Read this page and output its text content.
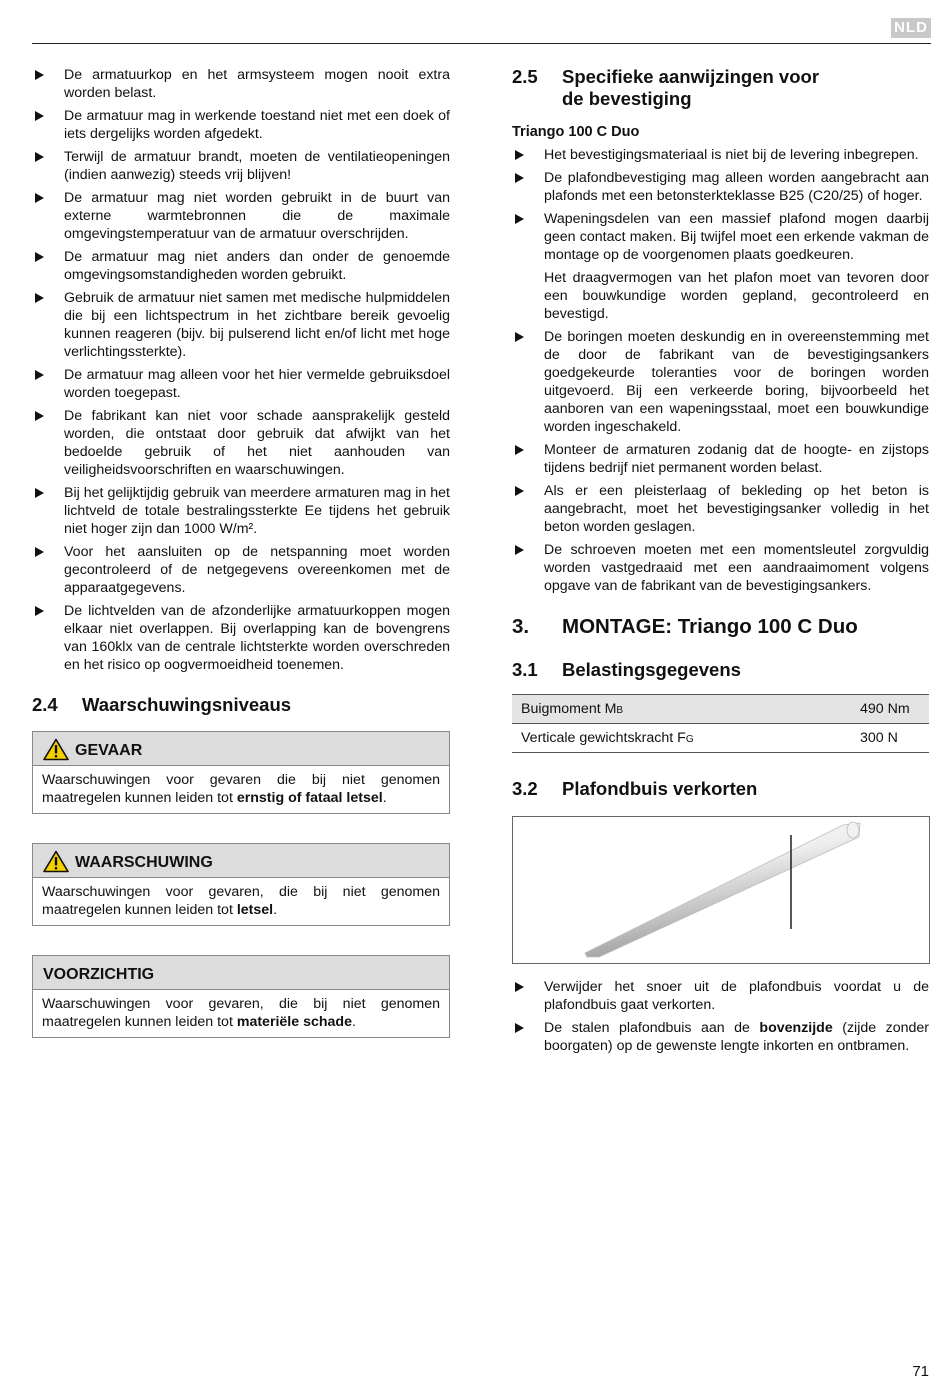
NLD
De armatuurkop en het armsysteem mogen nooit extra worden belast.
De armatuur mag in werkende toestand niet met een doek of iets dergelijks worden afgedekt.
Terwijl de armatuur brandt, moeten de ventilatieopeningen (indien aanwezig) steeds vrij blijven!
De armatuur mag niet worden gebruikt in de buurt van externe warmtebronnen die de maximale omgevingstemperatuur van de armatuur overschrijden.
De armatuur mag niet anders dan onder de genoemde omgevingsomstandigheden worden gebruikt.
Gebruik de armatuur niet samen met medische hulpmiddelen die bij een lichtspectrum in het zichtbare bereik gevoelig kunnen reageren (bijv. bij pulserend licht en/of licht met hoge verlichtingssterkte).
De armatuur mag alleen voor het hier vermelde gebruiksdoel worden toegepast.
De fabrikant kan niet voor schade aansprakelijk gesteld worden, die ontstaat door gebruik dat afwijkt van het bedoelde gebruik of het niet aanhouden van veiligheidsvoorschriften en waarschuwingen.
Bij het gelijktijdig gebruik van meerdere armaturen mag in het lichtveld de totale bestralingssterkte Ee tijdens het gebruik niet hoger zijn dan 1000 W/m².
Voor het aansluiten op de netspanning moet worden gecontroleerd of de netgegevens overeenkomen met de apparaatgegevens.
De lichtvelden van de afzonderlijke armatuurkoppen mogen elkaar niet overlappen. Bij overlapping kan de bovengrens van 160klx van de centrale lichtsterkte worden overschreden en het risico op oogvermoeidheid toenemen.
2.4	Waarschuwingsniveaus
GEVAAR
Waarschuwingen voor gevaren die bij niet genomen maatregelen kunnen leiden tot ernstig of fataal letsel.
WAARSCHUWING
Waarschuwingen voor gevaren, die bij niet genomen maatregelen kunnen leiden tot letsel.
VOORZICHTIG
Waarschuwingen voor gevaren, die bij niet genomen maatregelen kunnen leiden tot materiële schade.
2.5	Specifieke aanwijzingen voor
de bevestiging
Triango 100 C Duo
Het bevestigingsmateriaal is niet bij de levering inbegrepen.
De plafondbevestiging mag alleen worden aangebracht aan plafonds met een betonsterkteklasse B25 (C20/25) of hoger.

Wapeningsdelen van een massief plafond mogen daarbij geen contact maken. Bij twijfel moet een erkende vakman de montage op de voorgenomen plaats goedkeuren.

Het draagvermogen van het plafon moet van tevoren door een bouwkundige worden gepland, gecontroleerd en bevestigd.

De boringen moeten deskundig en in overeenstemming met de door de fabrikant van de bevestigingsankers goedgekeurde toleranties voor de boringen worden uitgevoerd. Bij een verkeerde boring, bijvoorbeeld het aanboren van een wapeningsstaal, moet een bouwkundige worden ingeschakeld.
Monteer de armaturen zodanig dat de hoogte- en zijstops tijdens bedrijf niet permanent worden belast.
Als er een pleisterlaag of bekleding op het beton is aangebracht, moet het bevestigingsanker volledig in het beton worden geslagen.
De schroeven moeten met een momentsleutel zorgvuldig worden vastgedraaid met een aandraaimoment volgens opgave van de fabrikant van de bevestigingsankers.
3.	MONTAGE: Triango 100 C Duo
3.1	Belastingsgegevens
Buigmoment MB	490 Nm
Verticale gewichtskracht FG	300 N
3.2	Plafondbuis verkorten
Verwijder het snoer uit de plafondbuis voordat u de plafondbuis gaat verkorten.
De stalen plafondbuis aan de bovenzijde (zijde zonder boorgaten) op de gewenste lengte inkorten en ontbramen.
71
